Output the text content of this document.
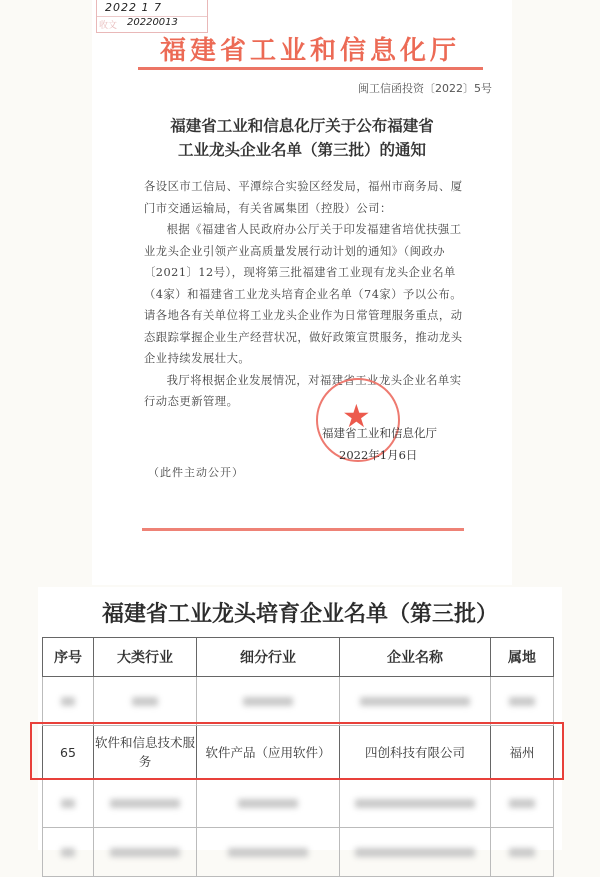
2022 1 7
收文 20220013
福建省工业和信息化厅
闽工信函投资〔2022〕5号
福建省工业和信息化厅关于公布福建省
工业龙头企业名单（第三批）的通知

各设区市工信局、平潭综合实验区经发局，福州市商务局、厦门市交通运输局，有关省属集团（控股）公司：

根据《福建省人民政府办公厅关于印发福建省培优扶强工业龙头企业引领产业高质量发展行动计划的通知》（闽政办〔2021〕12号），现将第三批福建省工业现有龙头企业名单（4家）和福建省工业龙头培育企业名单（74家）予以公布。请各地各有关单位将工业龙头企业作为日常管理服务重点，动态跟踪掌握企业生产经营状况，做好政策宣贯服务，推动龙头企业持续发展壮大。

我厅将根据企业发展情况，对福建省工业龙头企业名单实行动态更新管理。	★
福建省工业和信息化厅
2022年1月6日
（此件主动公开）
福建省工业龙头培育企业名单（第三批）
序号	大类行业	细分行业	企业名称	属地

65	软件和信息技术服务	软件产品（应用软件）	四创科技有限公司	福州
